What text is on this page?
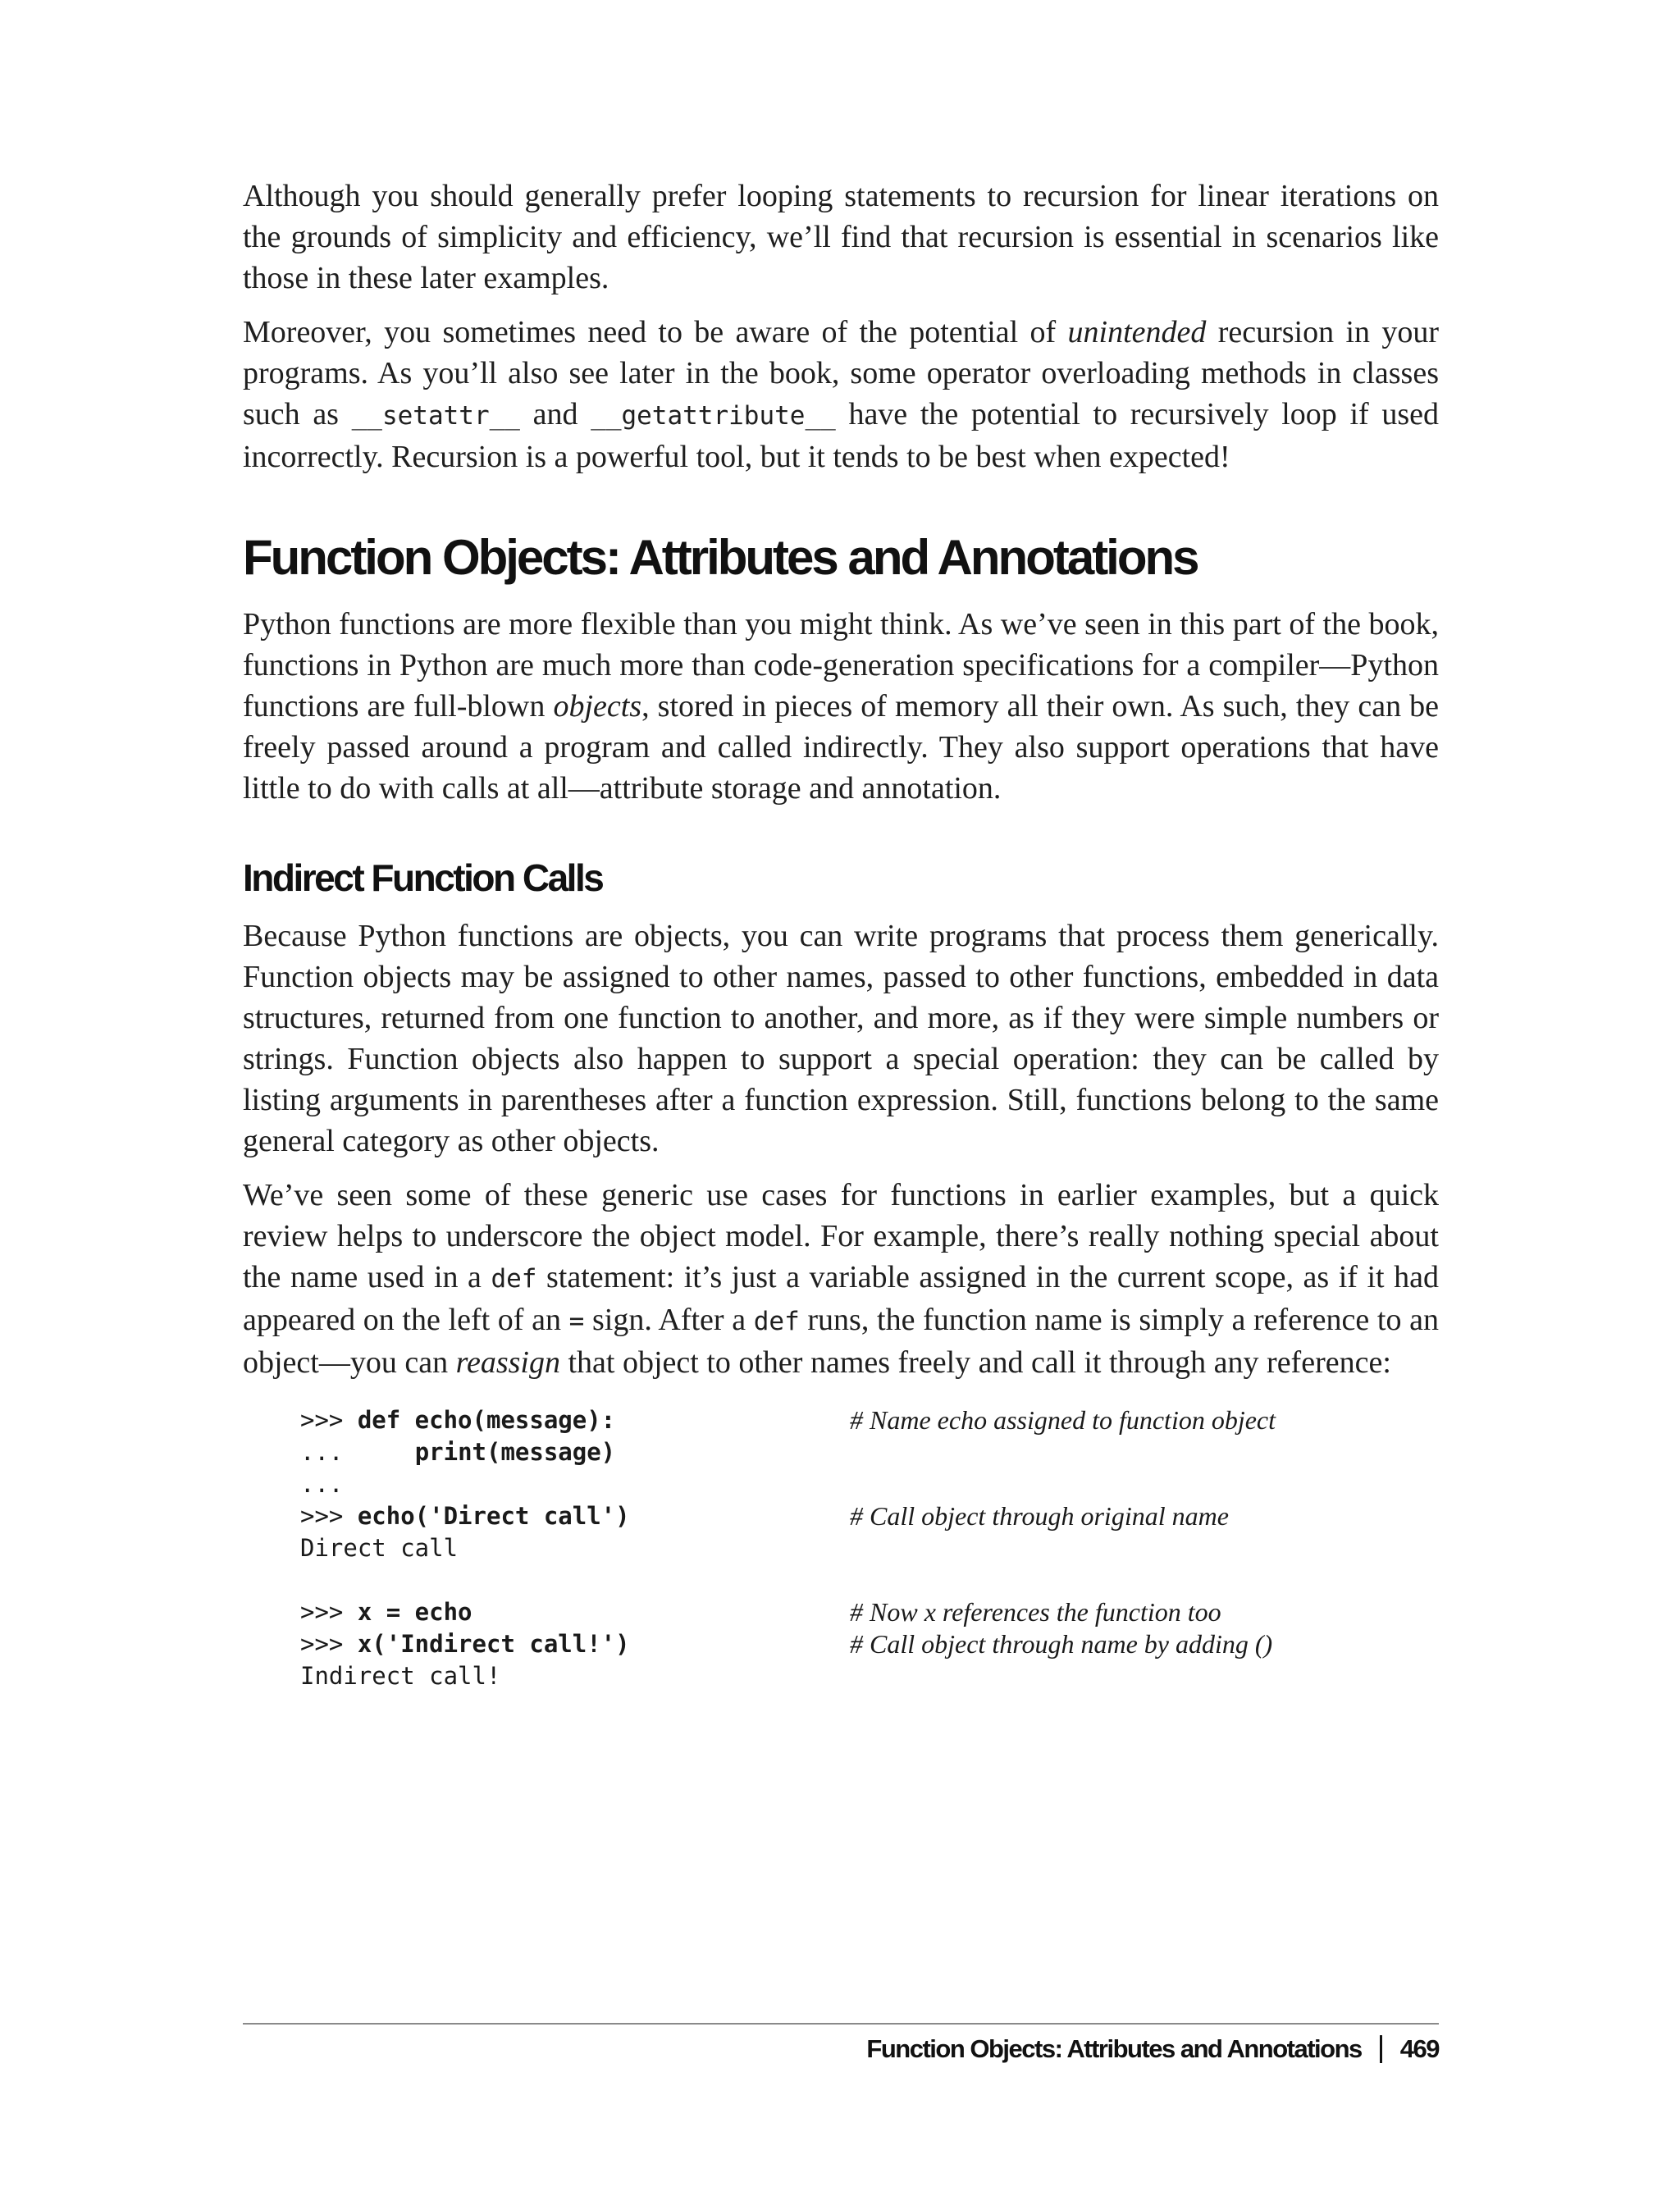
Although you should generally prefer looping statements to recursion for linear iterations on the grounds of simplicity and efficiency, we’ll find that recursion is essential in scenarios like those in these later examples.

Moreover, you sometimes need to be aware of the potential of unintended recursion in your programs. As you’ll also see later in the book, some operator overloading methods in classes such as __setattr__ and __getattribute__ have the potential to recursively loop if used incorrectly. Recursion is a powerful tool, but it tends to be best when expected!

Function Objects: Attributes and Annotations

Python functions are more flexible than you might think. As we’ve seen in this part of the book, functions in Python are much more than code-generation specifications for a compiler—Python functions are full-blown objects, stored in pieces of memory all their own. As such, they can be freely passed around a program and called indirectly. They also support operations that have little to do with calls at all—attribute storage and annotation.

Indirect Function Calls

Because Python functions are objects, you can write programs that process them generically. Function objects may be assigned to other names, passed to other functions, embedded in data structures, returned from one function to another, and more, as if they were simple numbers or strings. Function objects also happen to support a special operation: they can be called by listing arguments in parentheses after a function expression. Still, functions belong to the same general category as other objects.

We’ve seen some of these generic use cases for functions in earlier examples, but a quick review helps to underscore the object model. For example, there’s really nothing special about the name used in a def statement: it’s just a variable assigned in the current scope, as if it had appeared on the left of an = sign. After a def runs, the function name is simply a reference to an object—you can reassign that object to other names freely and call it through any reference:

>>> def echo(message):	# Name echo assigned to function object
...     print(message)
...
>>> echo('Direct call')	# Call object through original name
Direct call
>>> x = echo	# Now x references the function too
>>> x('Indirect call!')	# Call object through name by adding ()
Indirect call!
Function Objects: Attributes and Annotations 469
